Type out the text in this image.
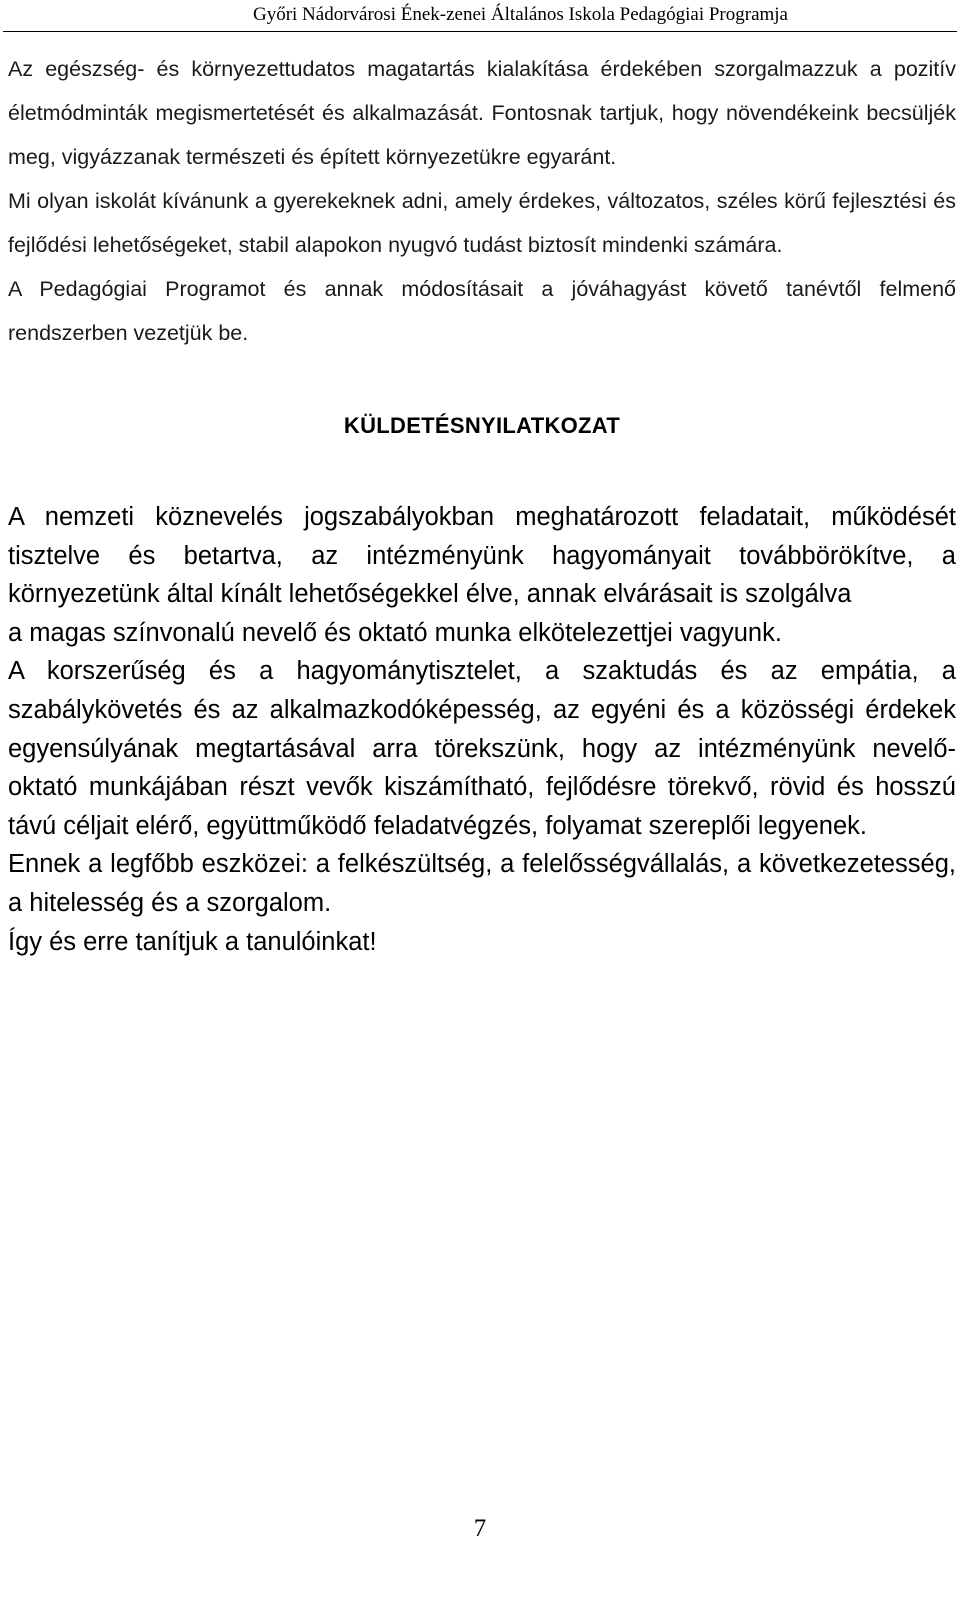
Győri Nádorvárosi Ének-zenei Általános Iskola Pedagógiai Programja

Az egészség- és környezettudatos magatartás kialakítása érdekében szorgalmazzuk a pozitív életmódminták megismertetését és alkalmazását. Fontosnak tartjuk, hogy növendékeink becsüljék meg, vigyázzanak természeti és épített környezetükre egyaránt.

Mi olyan iskolát kívánunk a gyerekeknek adni, amely érdekes, változatos, széles körű fejlesztési és fejlődési lehetőségeket, stabil alapokon nyugvó tudást biztosít mindenki számára.

A Pedagógiai Programot és annak módosításait a jóváhagyást követő tanévtől felmenő rendszerben vezetjük be.

KÜLDETÉSNYILATKOZAT

A nemzeti köznevelés jogszabályokban meghatározott feladatait, működését tisztelve és betartva, az intézményünk hagyományait továbbörökítve, a környezetünk által kínált lehetőségekkel élve, annak elvárásait is szolgálva

a magas színvonalú nevelő és oktató munka elkötelezettjei vagyunk.

A korszerűség és a hagyománytisztelet, a szaktudás és az empátia, a szabálykövetés és az alkalmazkodóképesség, az egyéni és a közösségi érdekek egyensúlyának megtartásával arra törekszünk, hogy az intézményünk nevelő-oktató munkájában részt vevők kiszámítható, fejlődésre törekvő, rövid és hosszú távú céljait elérő, együttműködő feladatvégzés, folyamat szereplői legyenek.

Ennek a legfőbb eszközei: a felkészültség, a felelősségvállalás, a következetesség, a hitelesség és a szorgalom.

Így és erre tanítjuk a tanulóinkat!

7
